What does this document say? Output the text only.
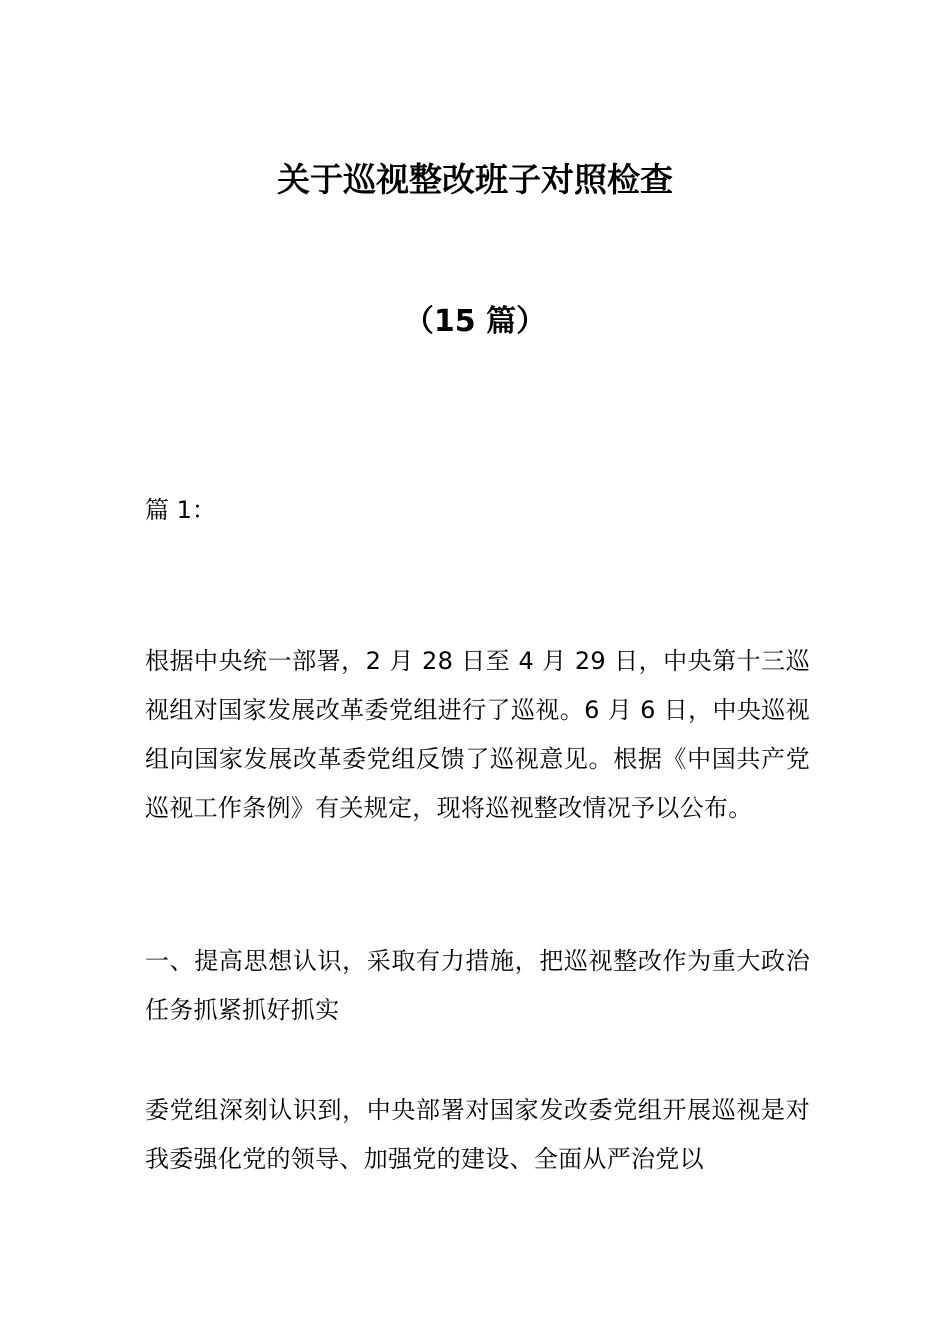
关于巡视整改班子对照检查
（15 篇）

篇 1：

根据中央统一部署，2 月 28 日至 4 月 29 日，中央第十三巡视组对国家发展改革委党组进行了巡视。6 月 6 日，中央巡视组向国家发展改革委党组反馈了巡视意见。根据《中国共产党巡视工作条例》有关规定，现将巡视整改情况予以公布。

一、提高思想认识，采取有力措施，把巡视整改作为重大政治任务抓紧抓好抓实

委党组深刻认识到，中央部署对国家发改委党组开展巡视是对我委强化党的领导、加强党的建设、全面从严治党以
